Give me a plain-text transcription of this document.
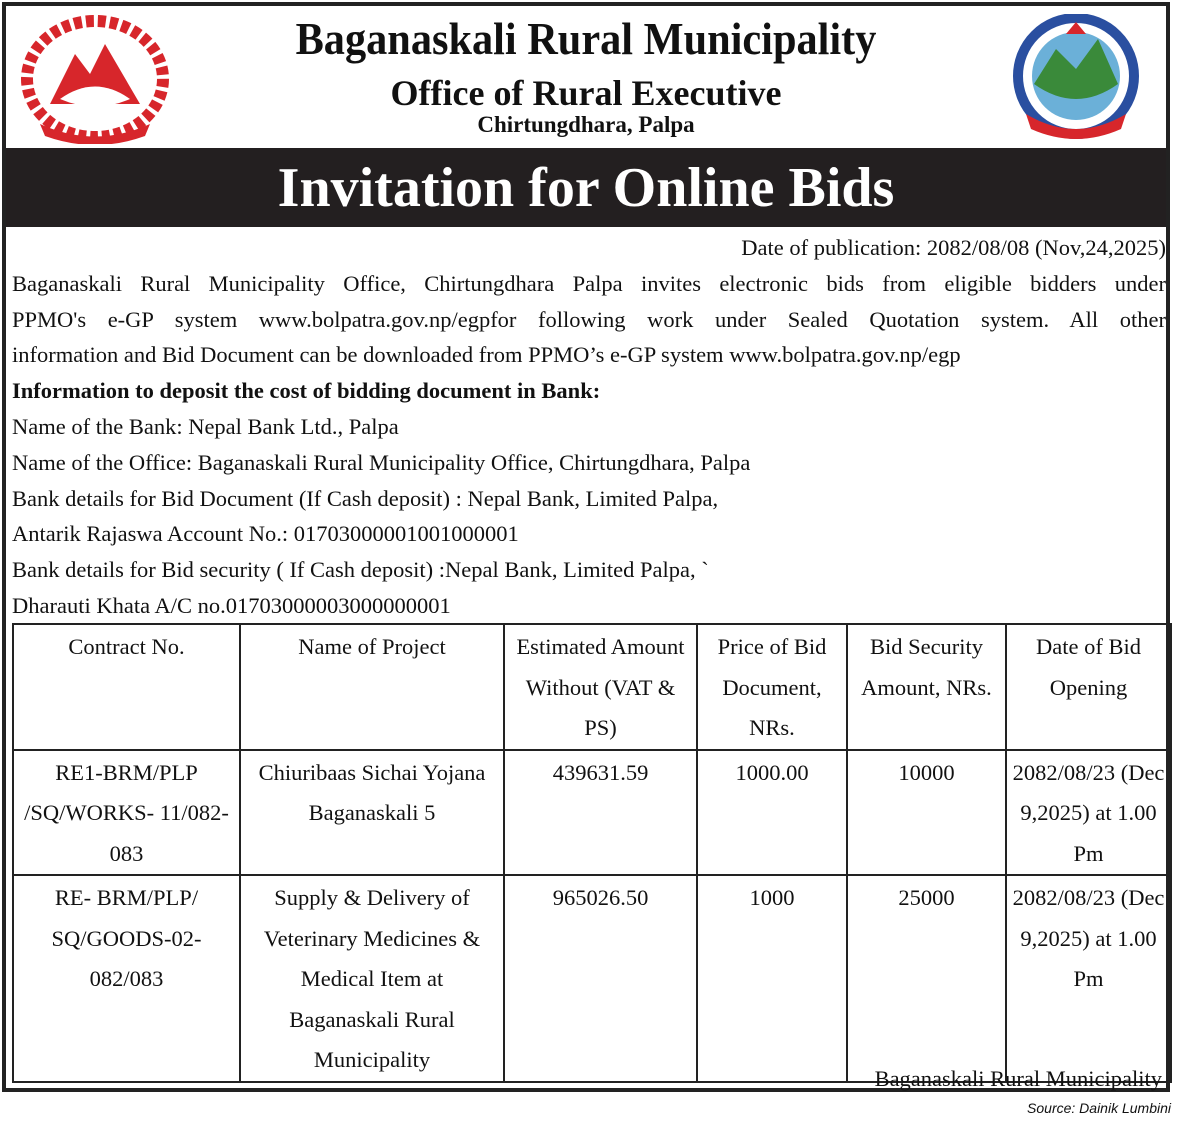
Baganaskali Rural Municipality
Office of Rural Executive
Chirtungdhara, Palpa
Invitation for Online Bids

Date of publication: 2082/08/08 (Nov,24,2025)

Baganaskali Rural Municipality Office, Chirtungdhara Palpa invites electronic bids from eligible bidders under

PPMO's e-GP system www.bolpatra.gov.np/egpfor following work under Sealed Quotation system. All other

information and Bid Document can be downloaded from PPMO’s e-GP system www.bolpatra.gov.np/egp

Information to deposit the cost of bidding document in Bank:

Name of the Bank: Nepal Bank Ltd., Palpa

Name of the Office: Baganaskali Rural Municipality Office, Chirtungdhara, Palpa

Bank details for Bid Document (If Cash deposit) : Nepal Bank, Limited Palpa,

Antarik Rajaswa Account No.: 01703000001001000001

Bank details for Bid security ( If Cash deposit) :Nepal Bank, Limited Palpa, `

Dharauti Khata A/C no.01703000003000000001

Contract No.	Name of Project	Estimated Amount Without (VAT & PS)	Price of Bid Document, NRs.	Bid Security Amount, NRs.	Date of Bid Opening
RE1-BRM/PLP /SQ/WORKS- 11/082-083	Chiuribaas Sichai Yojana Baganaskali 5	439631.59	1000.00	10000	2082/08/23 (Dec 9,2025) at 1.00 Pm
RE- BRM/PLP/ SQ/GOODS-02- 082/083	Supply & Delivery of Veterinary Medicines & Medical Item at Baganaskali Rural Municipality	965026.50	1000	25000	2082/08/23 (Dec 9,2025) at 1.00 Pm
Baganaskali Rural Municipality
Source: Dainik Lumbini
